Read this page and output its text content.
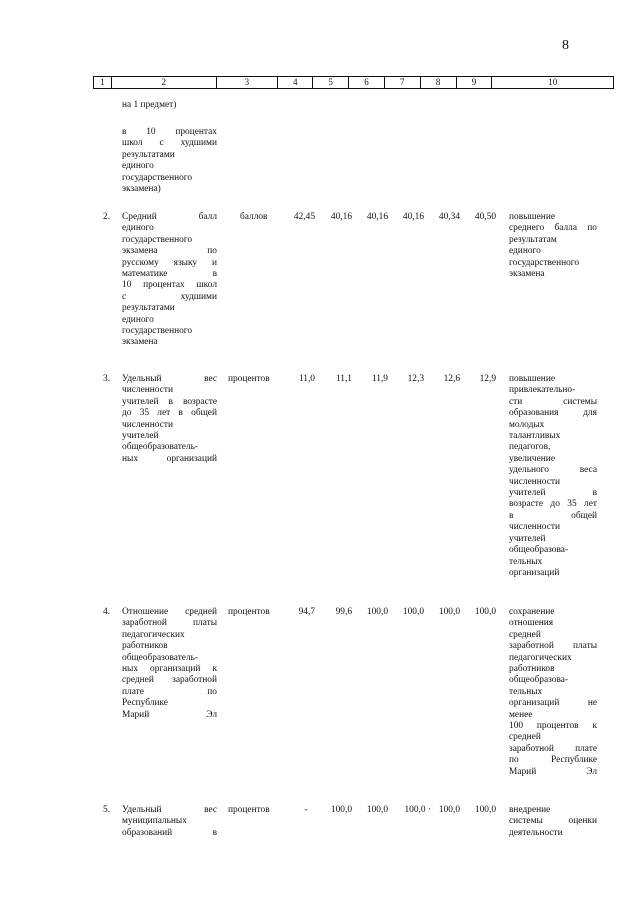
8
1	2	3	4	5	6	7	8	9	10
на 1 предмет)
в 10 процентах
школ с худшими
результатами
единого
государственного
экзамена)
2. Средний балл
единого
государственного
экзамена по
русскому языку и
математике в
10 процентах школ
с худшими
результатами
единого
государственного
экзамена
баллов	42,45	40,16	40,16	40,16	40,34	40,50 повышение
среднего балла по
результатам
единого
государственного
экзамена
3. Удельный вес
численности
учителей в возрасте
до 35 лет в общей
численности
учителей
общеобразователь-
ных организаций
процентов	11,0	11,1	11,9	12,3	12,6	12,9 повышение
привлекательно-
сти системы
образования для
молодых
талантливых
педагогов,
увеличение
удельного веса
численности
учителей в
возрасте до 35 лет
в общей
численности
учителей
общеобразова-
тельных
организаций
4. Отношение средней
заработной платы
педагогических
работников
общеобразователь-
ных организаций к
средней заработной
плате по
Республике
Марий Эл
процентов	94,7	99,6	100,0	100,0	100,0	100,0 сохранение
отношения
средней
заработной платы
педагогических
работников
общеобразова-
тельных
организаций не
менее
100 процентов к
средней
заработной плате
по Республике
Марий Эл
5. Удельный вес
муниципальных
образований в
процентов	-	100,0	100,0	100,0 · 100,0	100,0 внедрение
системы оценки
деятельности
